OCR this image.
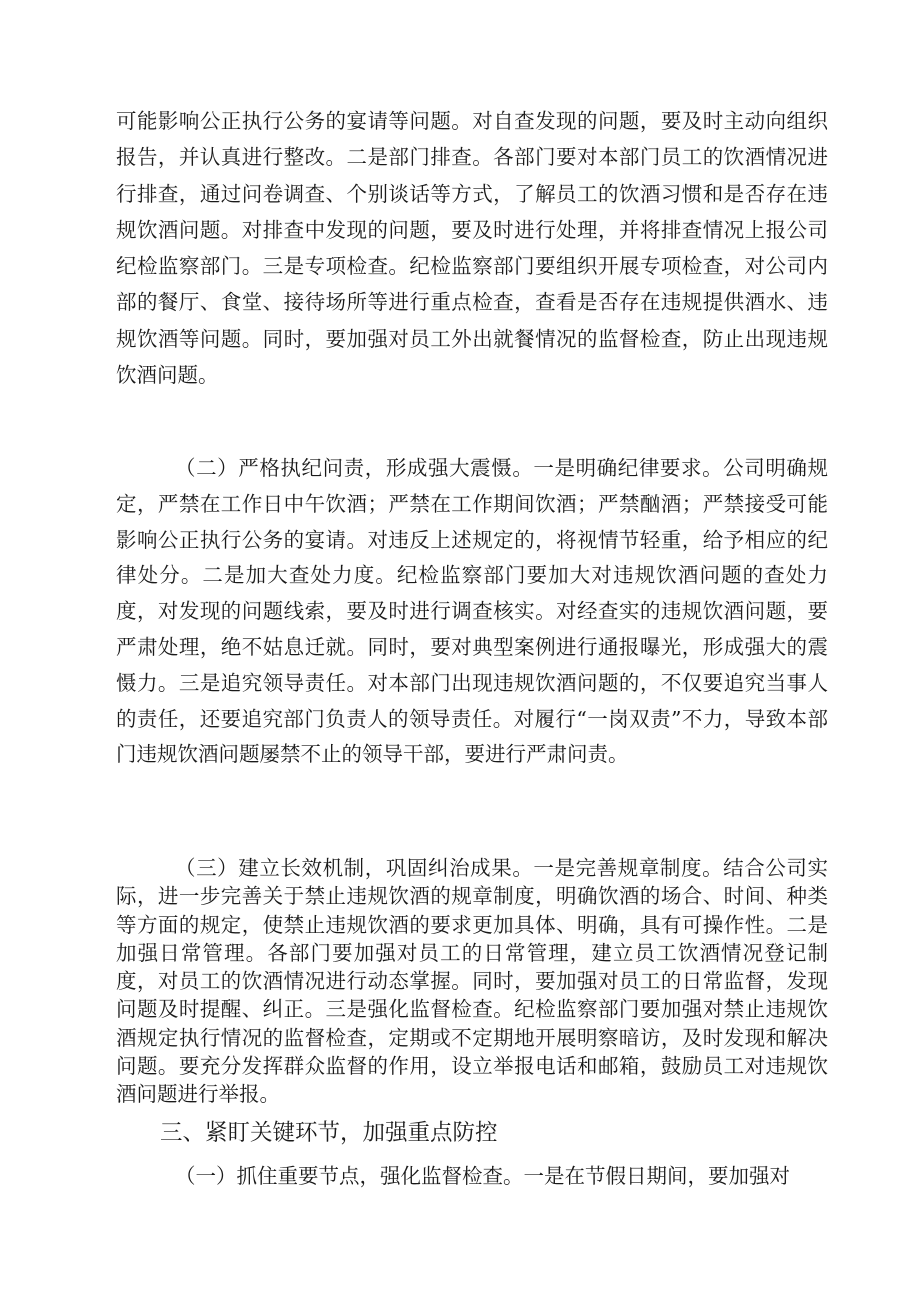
可能影响公正执行公务的宴请等问题。对自查发现的问题，要及时主动向组织报告，并认真进行整改。二是部门排查。各部门要对本部门员工的饮酒情况进行排查，通过问卷调查、个别谈话等方式，了解员工的饮酒习惯和是否存在违规饮酒问题。对排查中发现的问题，要及时进行处理，并将排查情况上报公司纪检监察部门。三是专项检查。纪检监察部门要组织开展专项检查，对公司内部的餐厅、食堂、接待场所等进行重点检查，查看是否存在违规提供酒水、违规饮酒等问题。同时，要加强对员工外出就餐情况的监督检查，防止出现违规饮酒问题。

（二）严格执纪问责，形成强大震慑。一是明确纪律要求。公司明确规定，严禁在工作日中午饮酒；严禁在工作期间饮酒；严禁酗酒；严禁接受可能影响公正执行公务的宴请。对违反上述规定的，将视情节轻重，给予相应的纪律处分。二是加大查处力度。纪检监察部门要加大对违规饮酒问题的查处力度，对发现的问题线索，要及时进行调查核实。对经查实的违规饮酒问题，要严肃处理，绝不姑息迁就。同时，要对典型案例进行通报曝光，形成强大的震慑力。三是追究领导责任。对本部门出现违规饮酒问题的，不仅要追究当事人的责任，还要追究部门负责人的领导责任。对履行“一岗双责”不力，导致本部门违规饮酒问题屡禁不止的领导干部，要进行严肃问责。

（三）建立长效机制，巩固纠治成果。一是完善规章制度。结合公司实际，进一步完善关于禁止违规饮酒的规章制度，明确饮酒的场合、时间、种类等方面的规定，使禁止违规饮酒的要求更加具体、明确，具有可操作性。二是加强日常管理。各部门要加强对员工的日常管理，建立员工饮酒情况登记制度，对员工的饮酒情况进行动态掌握。同时，要加强对员工的日常监督，发现问题及时提醒、纠正。三是强化监督检查。纪检监察部门要加强对禁止违规饮酒规定执行情况的监督检查，定期或不定期地开展明察暗访，及时发现和解决问题。要充分发挥群众监督的作用，设立举报电话和邮箱，鼓励员工对违规饮酒问题进行举报。

三、紧盯关键环节，加强重点防控

（一）抓住重要节点，强化监督检查。一是在节假日期间，要加强对
